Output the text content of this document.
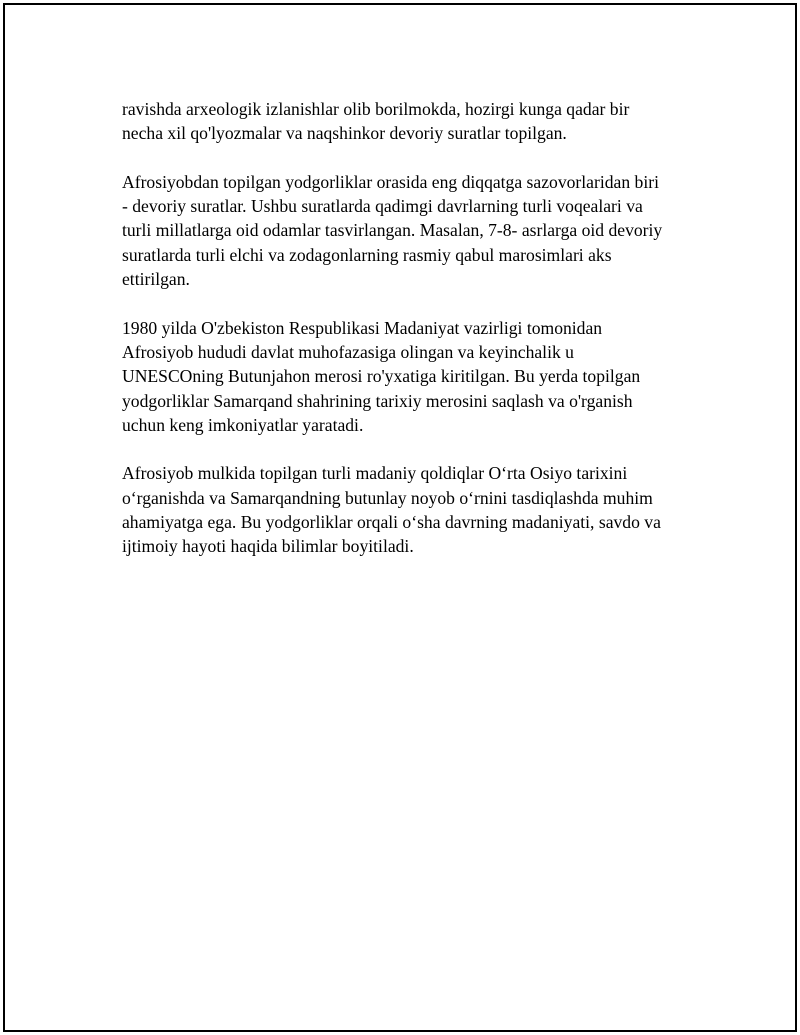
ravishda arxeologik izlanishlar olib borilmokda, hozirgi kunga qadar bir
necha xil qo'lyozmalar va naqshinkor devoriy suratlar topilgan.

Afrosiyobdan topilgan yodgorliklar orasida eng diqqatga sazovorlaridan biri
- devoriy suratlar. Ushbu suratlarda qadimgi davrlarning turli voqealari va
turli millatlarga oid odamlar tasvirlangan. Masalan, 7-8- asrlarga oid devoriy
suratlarda turli elchi va zodagonlarning rasmiy qabul marosimlari aks
ettirilgan.

1980 yilda O'zbekiston Respublikasi Madaniyat vazirligi tomonidan
Afrosiyob hududi davlat muhofazasiga olingan va keyinchalik u
UNESCOning Butunjahon merosi ro'yxatiga kiritilgan. Bu yerda topilgan
yodgorliklar Samarqand shahrining tarixiy merosini saqlash va o'rganish
uchun keng imkoniyatlar yaratadi.

Afrosiyob mulkida topilgan turli madaniy qoldiqlar O‘rta Osiyo tarixini
o‘rganishda va Samarqandning butunlay noyob o‘rnini tasdiqlashda muhim
ahamiyatga ega. Bu yodgorliklar orqali o‘sha davrning madaniyati, savdo va
ijtimoiy hayoti haqida bilimlar boyitiladi.
